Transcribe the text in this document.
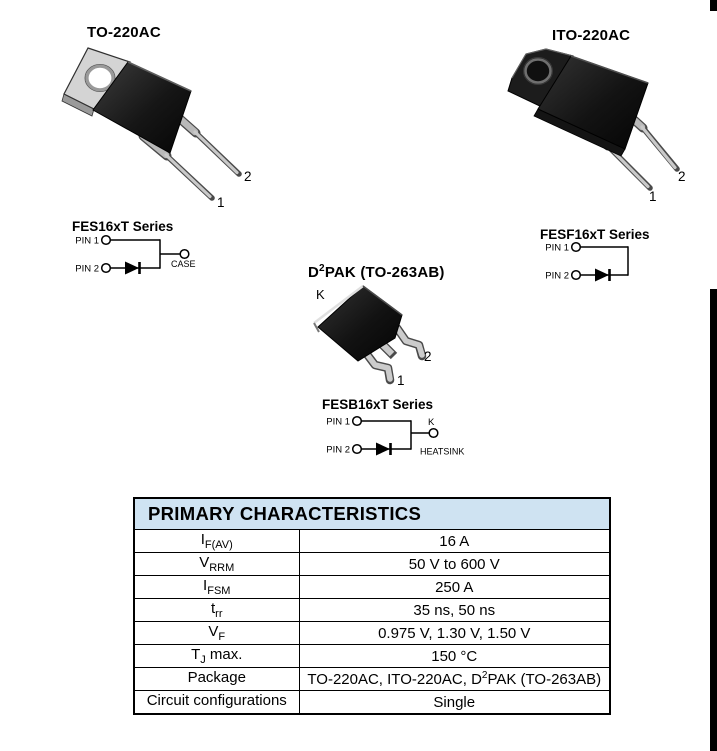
TO-220AC
2
1
ITO-220AC
2
1
FES16xT Series
PIN 1
PIN 2	CASE
FESF16xT Series
PIN 1
PIN 2
$D^2PAK$ (TO-263AB)
K
2
1
FESB16xT Series
PIN 1
PIN 2
K
HEATSINK
PRIMARY CHARACTERISTICS	
$I_{F(AV)}$	16 A
$V_{RRM}$	50 V to 600 V
$I_{FSM}$	250 A
$t_{rr}$	35 ns, 50 ns
$V_F$	0.975 V, 1.30 V, 1.50 V
$T_J$ max.	150 °C
Package	TO-220AC, ITO-220AC, $D^2PAK$ (TO-263AB)
Circuit configurations	Single
